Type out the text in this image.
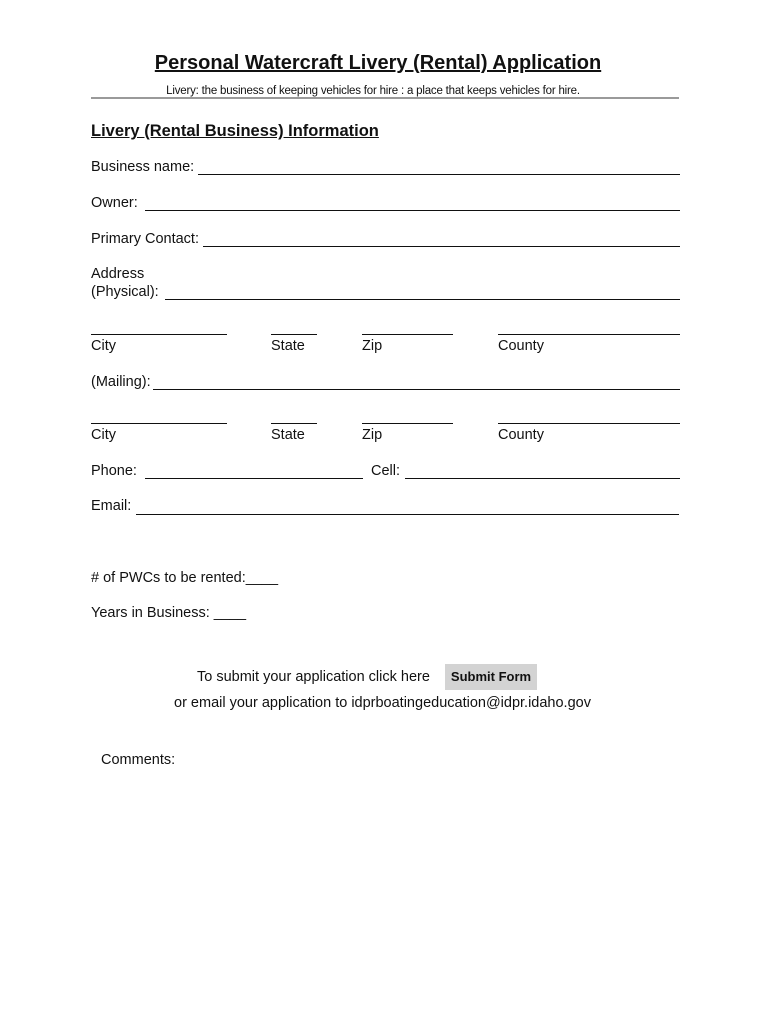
Personal Watercraft Livery (Rental) Application
Livery: the business of keeping vehicles for hire : a place that keeps vehicles for hire.
Livery (Rental Business) Information
Business name:
Owner:
Primary Contact:
Address
(Physical):
City	State	Zip	County
(Mailing):
City	State	Zip	County
Phone:	Cell:
Email:
# of PWCs to be rented:____
Years in Business: ____
To submit your application click here	Submit Form
or email your application to idprboatingeducation@idpr.idaho.gov
Comments:
